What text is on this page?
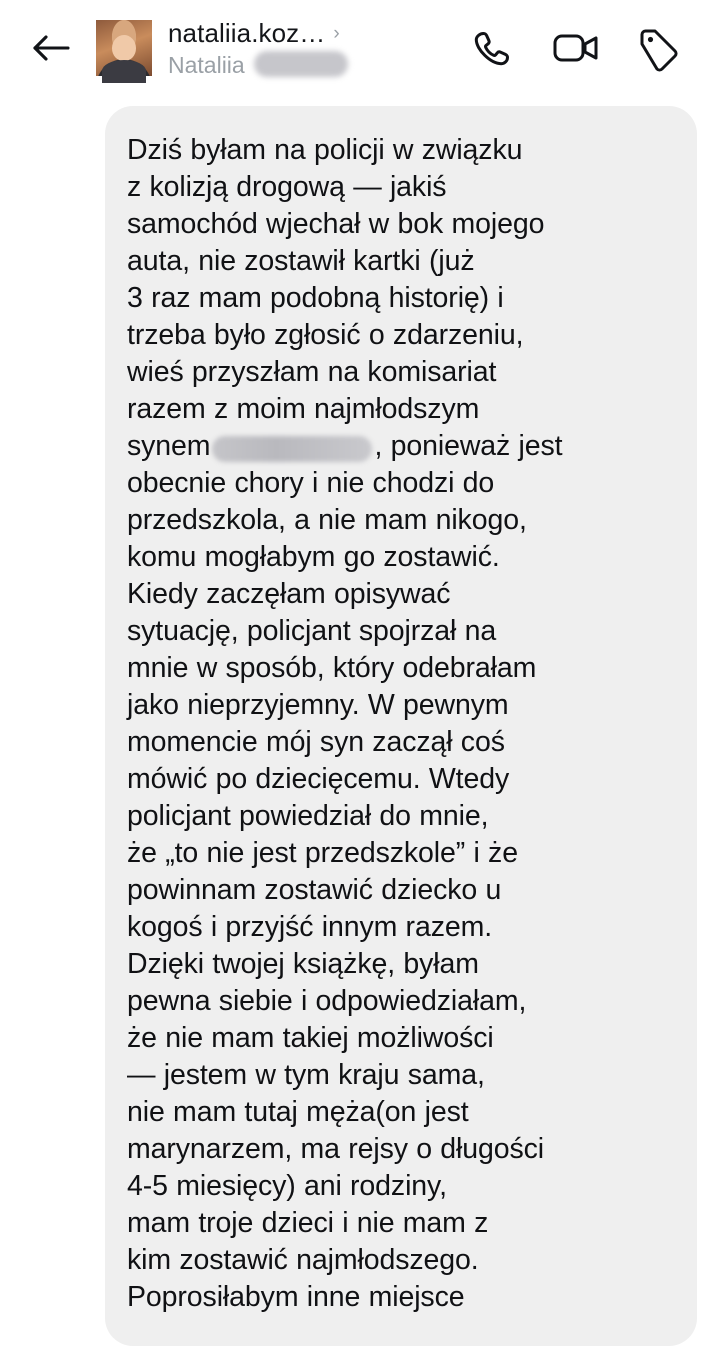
nataliia.koz… ›
Nataliia

Dziś byłam na policji w związku
z kolizją drogową — jakiś
samochód wjechał w bok mojego
auta, nie zostawił kartki (już
3 raz mam podobną historię) i
trzeba było zgłosić o zdarzeniu,
wieś przyszłam na komisariat
razem z moim najmłodszym
synem	, ponieważ jest
obecnie chory i nie chodzi do
przedszkola, a nie mam nikogo,
komu mogłabym go zostawić.
Kiedy zaczęłam opisywać
sytuację, policjant spojrzał na
mnie w sposób, który odebrałam
jako nieprzyjemny. W pewnym
momencie mój syn zaczął coś
mówić po dziecięcemu. Wtedy
policjant powiedział do mnie,
że „to nie jest przedszkole” i że
powinnam zostawić dziecko u
kogoś i przyjść innym razem.
Dzięki twojej książkę, byłam
pewna siebie i odpowiedziałam,
że nie mam takiej możliwości
— jestem w tym kraju sama,
nie mam tutaj męża(on jest
marynarzem, ma rejsy o długości
4-5 miesięcy) ani rodziny,
mam troje dzieci i nie mam z
kim zostawić najmłodszego.
Poprosiłabym inne miejsce
